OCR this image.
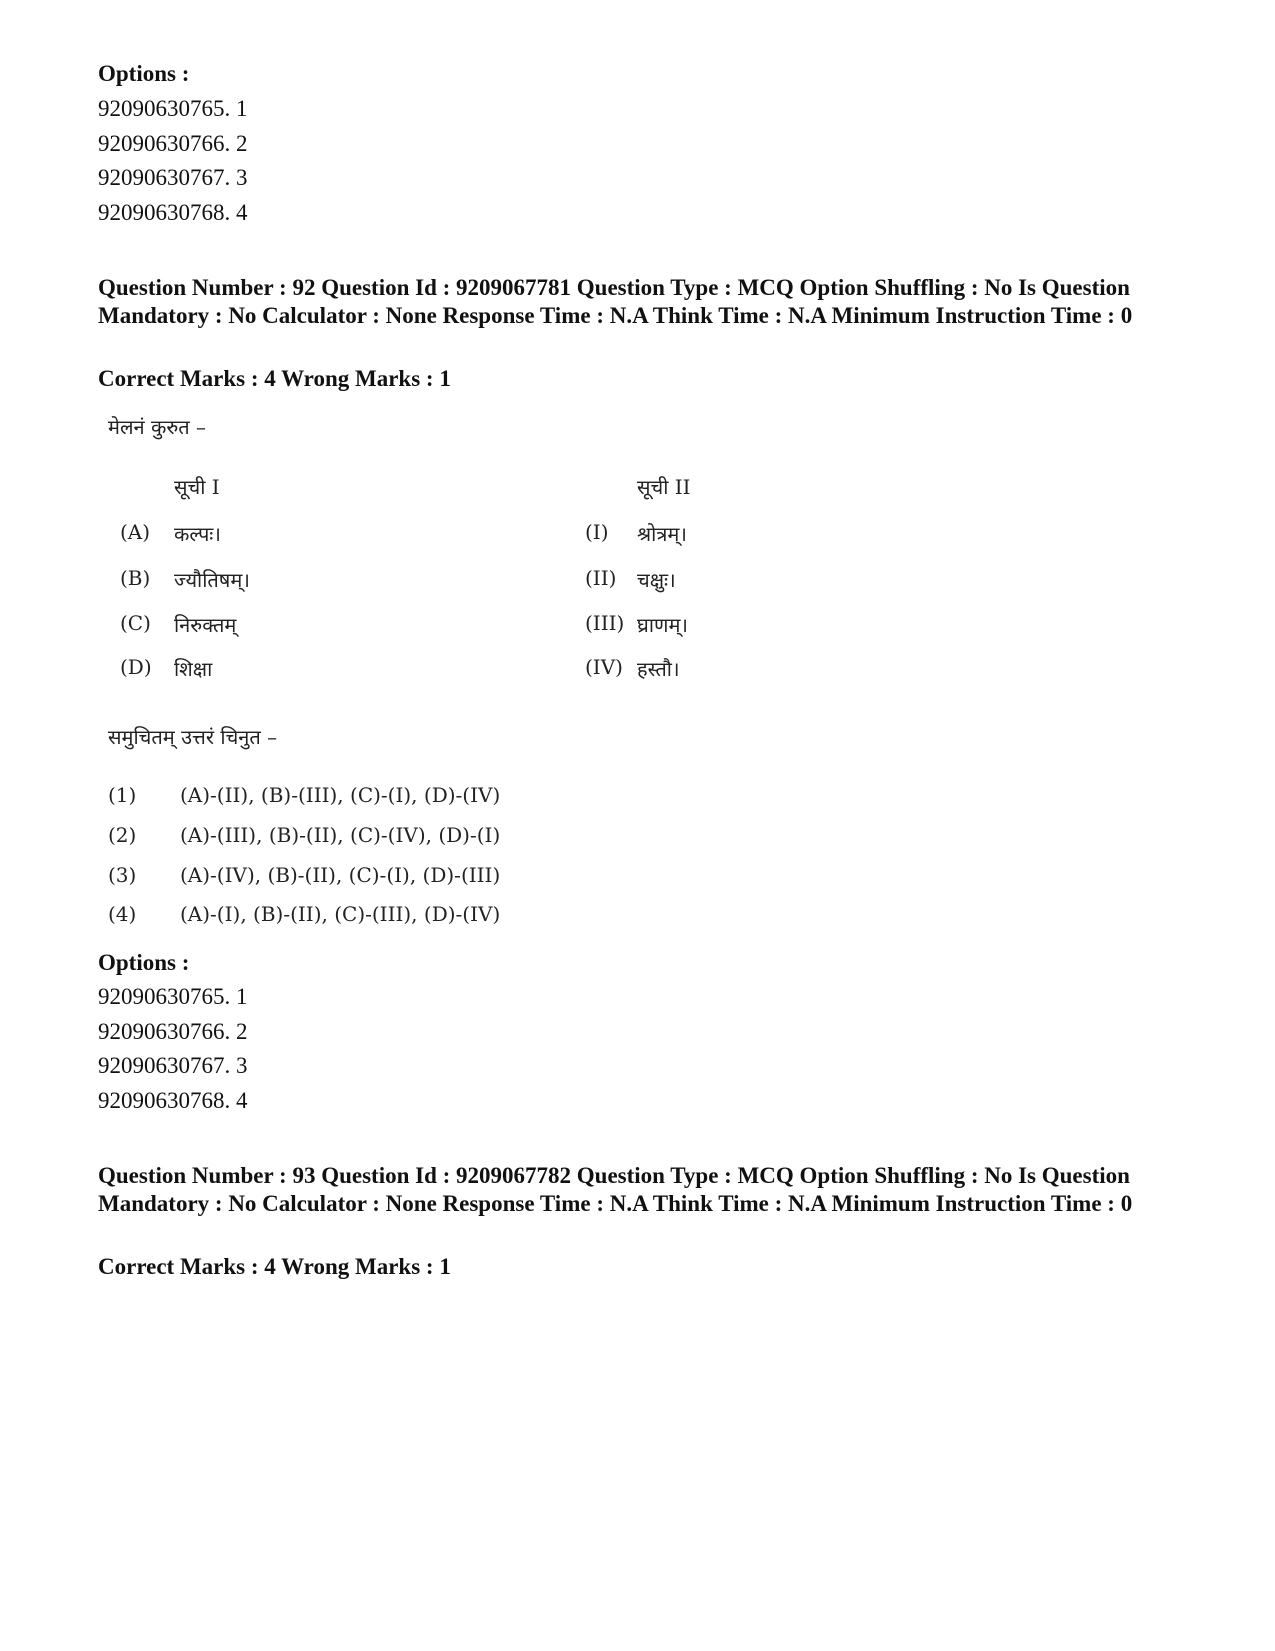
Options :
92090630765. 1
92090630766. 2
92090630767. 3
92090630768. 4
Question Number : 92 Question Id : 9209067781 Question Type : MCQ Option Shuffling : No Is Question Mandatory : No Calculator : None Response Time : N.A Think Time : N.A Minimum Instruction Time : 0
Correct Marks : 4 Wrong Marks : 1
मेलनं कुरुत –
सूची I	सूची II
(A) कल्पः।
(B) ज्यौतिषम्।
(C) निरुक्तम्
(D) शिक्षा
(I) श्रोत्रम्।
(II) चक्षुः।
(III) घ्राणम्।
(IV) हस्तौ।
समुचितम् उत्तरं चिनुत –
(1) (A)-(II), (B)-(III), (C)-(I), (D)-(IV)
(2) (A)-(III), (B)-(II), (C)-(IV), (D)-(I)
(3) (A)-(IV), (B)-(II), (C)-(I), (D)-(III)
(4) (A)-(I), (B)-(II), (C)-(III), (D)-(IV)
Options :
92090630765. 1
92090630766. 2
92090630767. 3
92090630768. 4
Question Number : 93 Question Id : 9209067782 Question Type : MCQ Option Shuffling : No Is Question Mandatory : No Calculator : None Response Time : N.A Think Time : N.A Minimum Instruction Time : 0
Correct Marks : 4 Wrong Marks : 1
